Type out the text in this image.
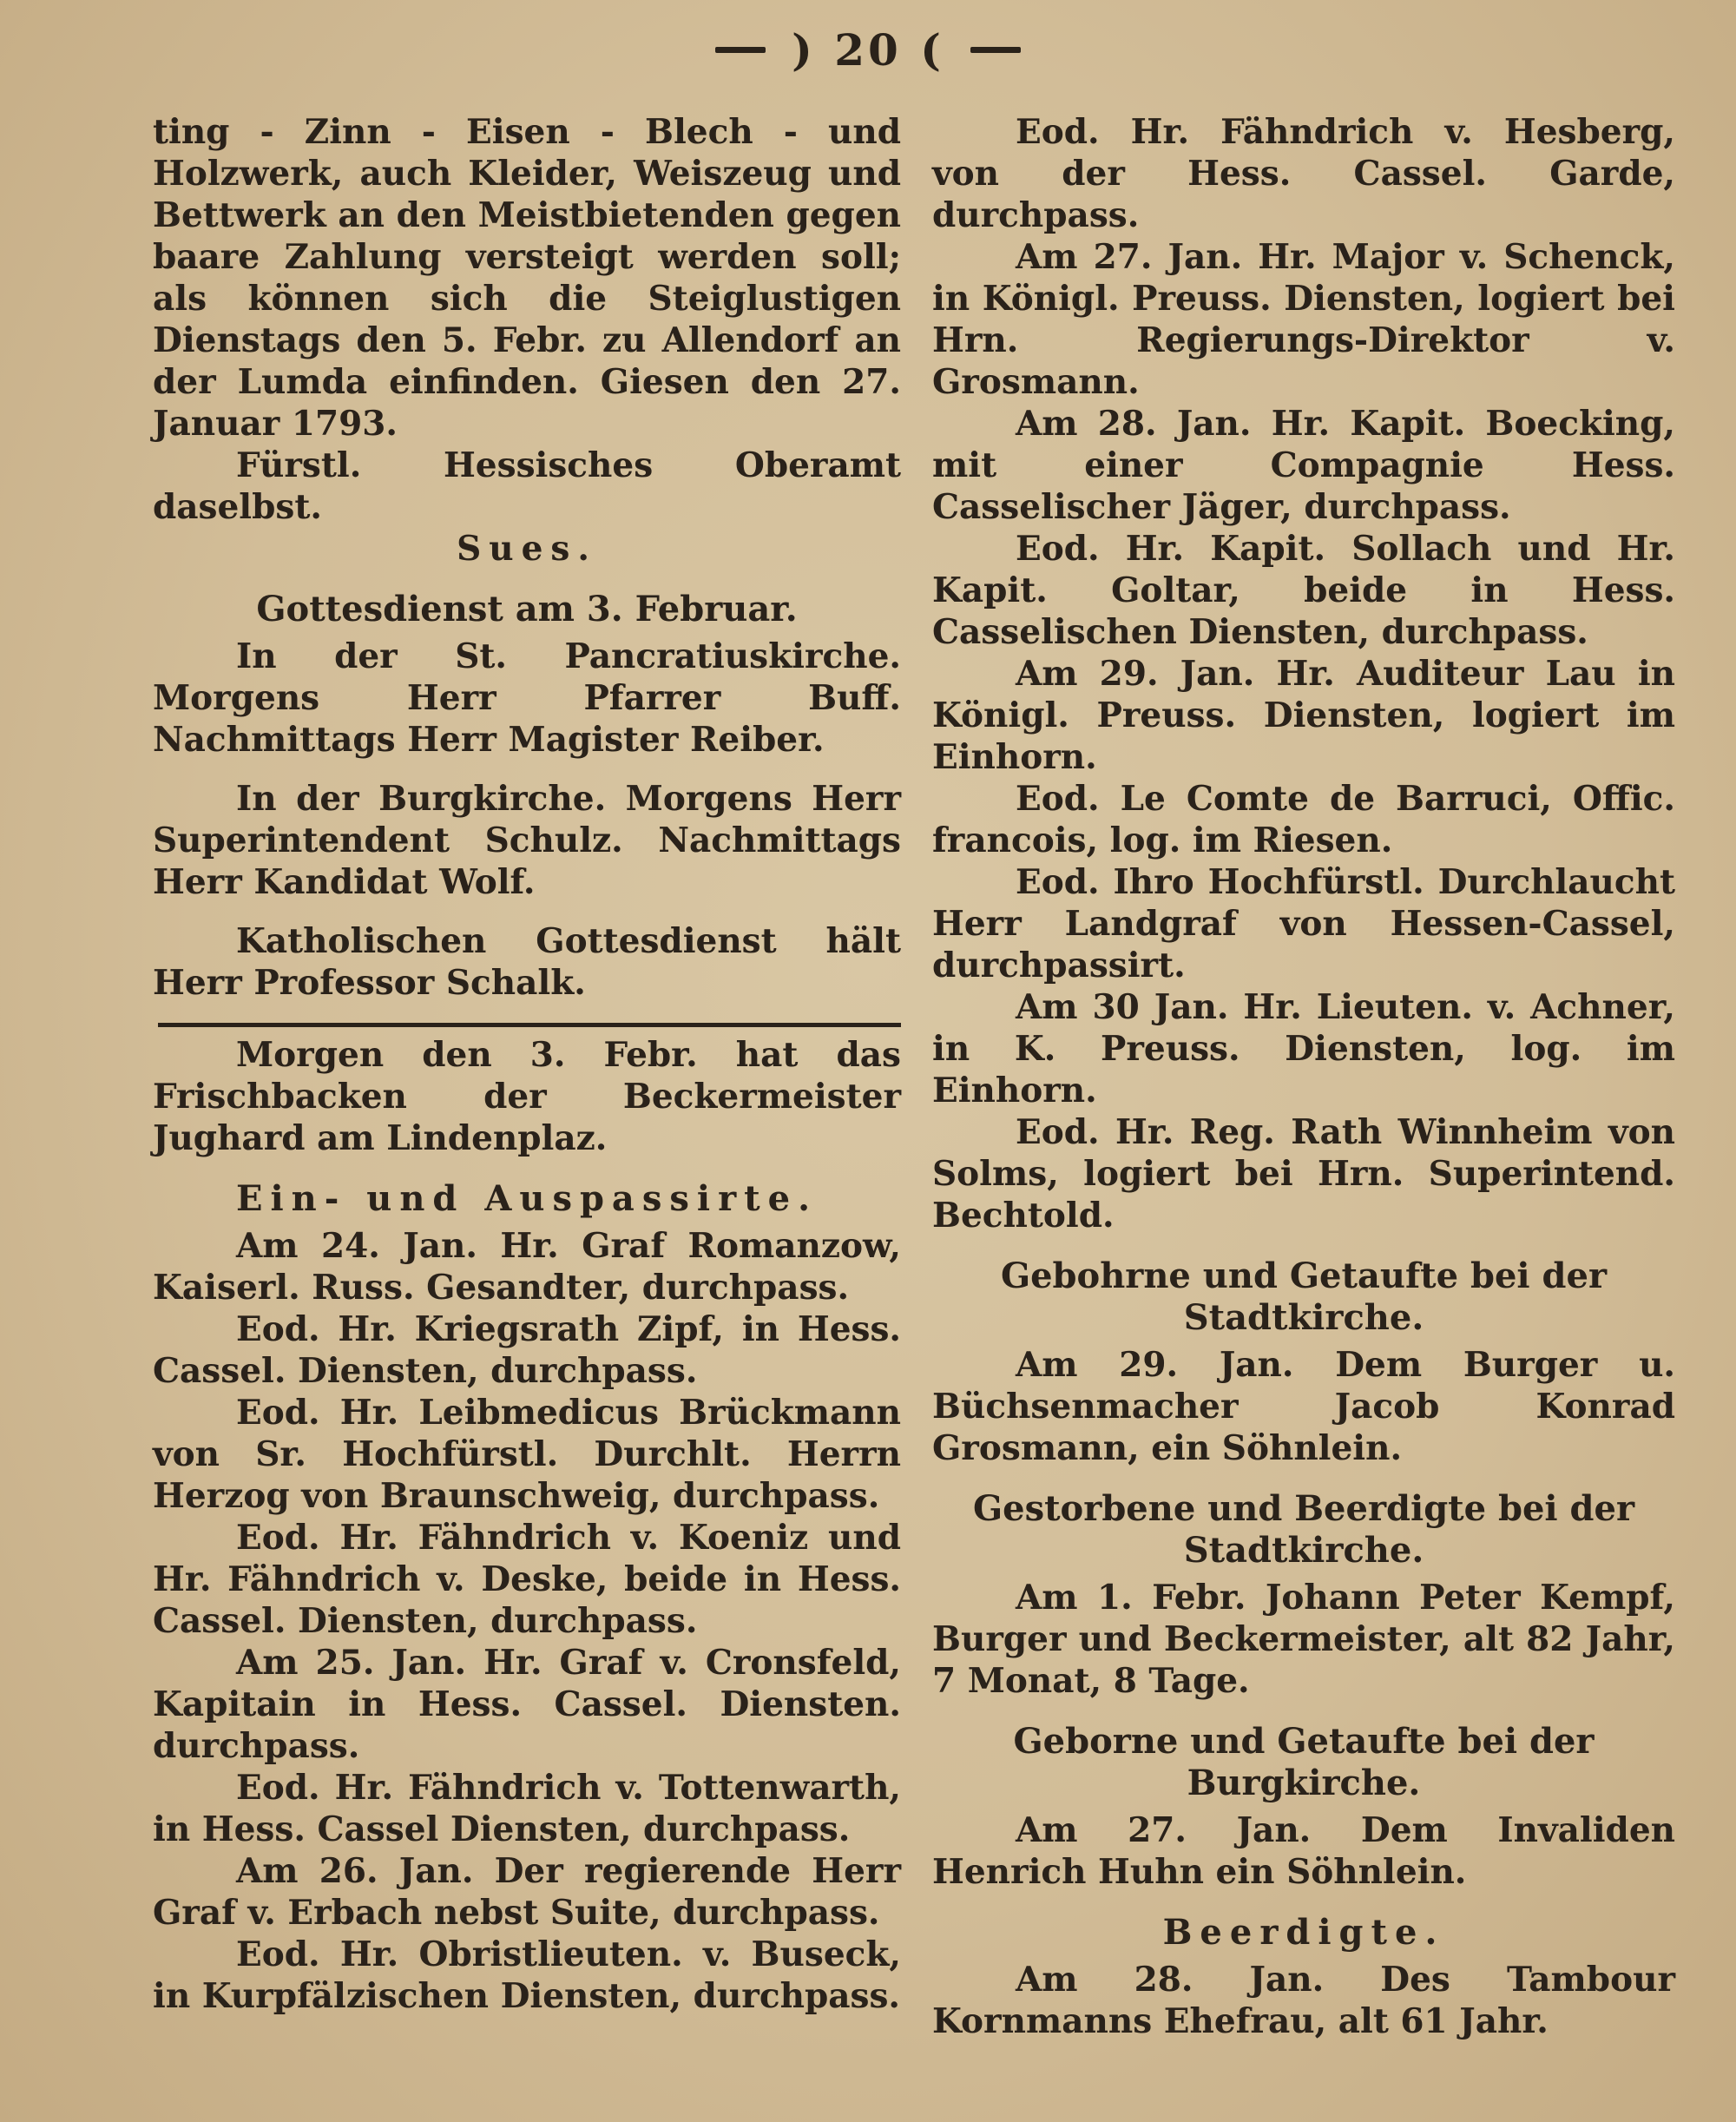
) 20 (

ting - Zinn - Eisen - Blech - und Holzwerk, auch Kleider, Weiszeug und Bettwerk an den Meistbietenden gegen baare Zahlung versteigt werden soll; als können sich die Steiglustigen Dienstags den 5. Febr. zu Allendorf an der Lumda einfinden. Giesen den 27. Januar 1793.

Fürstl. Hessisches Oberamt daselbst.

Sues.

Gottesdienst am 3. Februar.

In der St. Pancratiuskirche. Morgens Herr Pfarrer Buff. Nachmittags Herr Magister Reiber.

In der Burgkirche. Morgens Herr Superintendent Schulz. Nachmittags Herr Kandidat Wolf.

Katholischen Gottesdienst hält Herr Professor Schalk.

Morgen den 3. Febr. hat das Frischbacken der Beckermeister Jughard am Lindenplaz.

Ein- und Auspassirte.

Am 24. Jan. Hr. Graf Romanzow, Kaiserl. Russ. Gesandter, durchpass.

Eod. Hr. Kriegsrath Zipf, in Hess. Cassel. Diensten, durchpass.

Eod. Hr. Leibmedicus Brückmann von Sr. Hochfürstl. Durchlt. Herrn Herzog von Braunschweig, durchpass.

Eod. Hr. Fähndrich v. Koeniz und Hr. Fähndrich v. Deske, beide in Hess. Cassel. Diensten, durchpass.

Am 25. Jan. Hr. Graf v. Cronsfeld, Kapitain in Hess. Cassel. Diensten. durchpass.

Eod. Hr. Fähndrich v. Tottenwarth, in Hess. Cassel Diensten, durchpass.

Am 26. Jan. Der regierende Herr Graf v. Erbach nebst Suite, durchpass.

Eod. Hr. Obristlieuten. v. Buseck, in Kurpfälzischen Diensten, durchpass.

Eod. Hr. Fähndrich v. Hesberg, von der Hess. Cassel. Garde, durchpass.

Am 27. Jan. Hr. Major v. Schenck, in Königl. Preuss. Diensten, logiert bei Hrn. Regierungs-Direktor v. Grosmann.

Am 28. Jan. Hr. Kapit. Boecking, mit einer Compagnie Hess. Casselischer Jäger, durchpass.

Eod. Hr. Kapit. Sollach und Hr. Kapit. Goltar, beide in Hess. Casselischen Diensten, durchpass.

Am 29. Jan. Hr. Auditeur Lau in Königl. Preuss. Diensten, logiert im Einhorn.

Eod. Le Comte de Barruci, Offic. francois, log. im Riesen.

Eod. Ihro Hochfürstl. Durchlaucht Herr Landgraf von Hessen-Cassel, durchpassirt.

Am 30 Jan. Hr. Lieuten. v. Achner, in K. Preuss. Diensten, log. im Einhorn.

Eod. Hr. Reg. Rath Winnheim von Solms, logiert bei Hrn. Superintend. Bechtold.

Gebohrne und Getaufte bei der Stadtkirche.

Am 29. Jan. Dem Burger u. Büchsenmacher Jacob Konrad Grosmann, ein Söhnlein.

Gestorbene und Beerdigte bei der Stadtkirche.

Am 1. Febr. Johann Peter Kempf, Burger und Beckermeister, alt 82 Jahr, 7 Monat, 8 Tage.

Geborne und Getaufte bei der Burgkirche.

Am 27. Jan. Dem Invaliden Henrich Huhn ein Söhnlein.

Beerdigte.

Am 28. Jan. Des Tambour Kornmanns Ehefrau, alt 61 Jahr.
